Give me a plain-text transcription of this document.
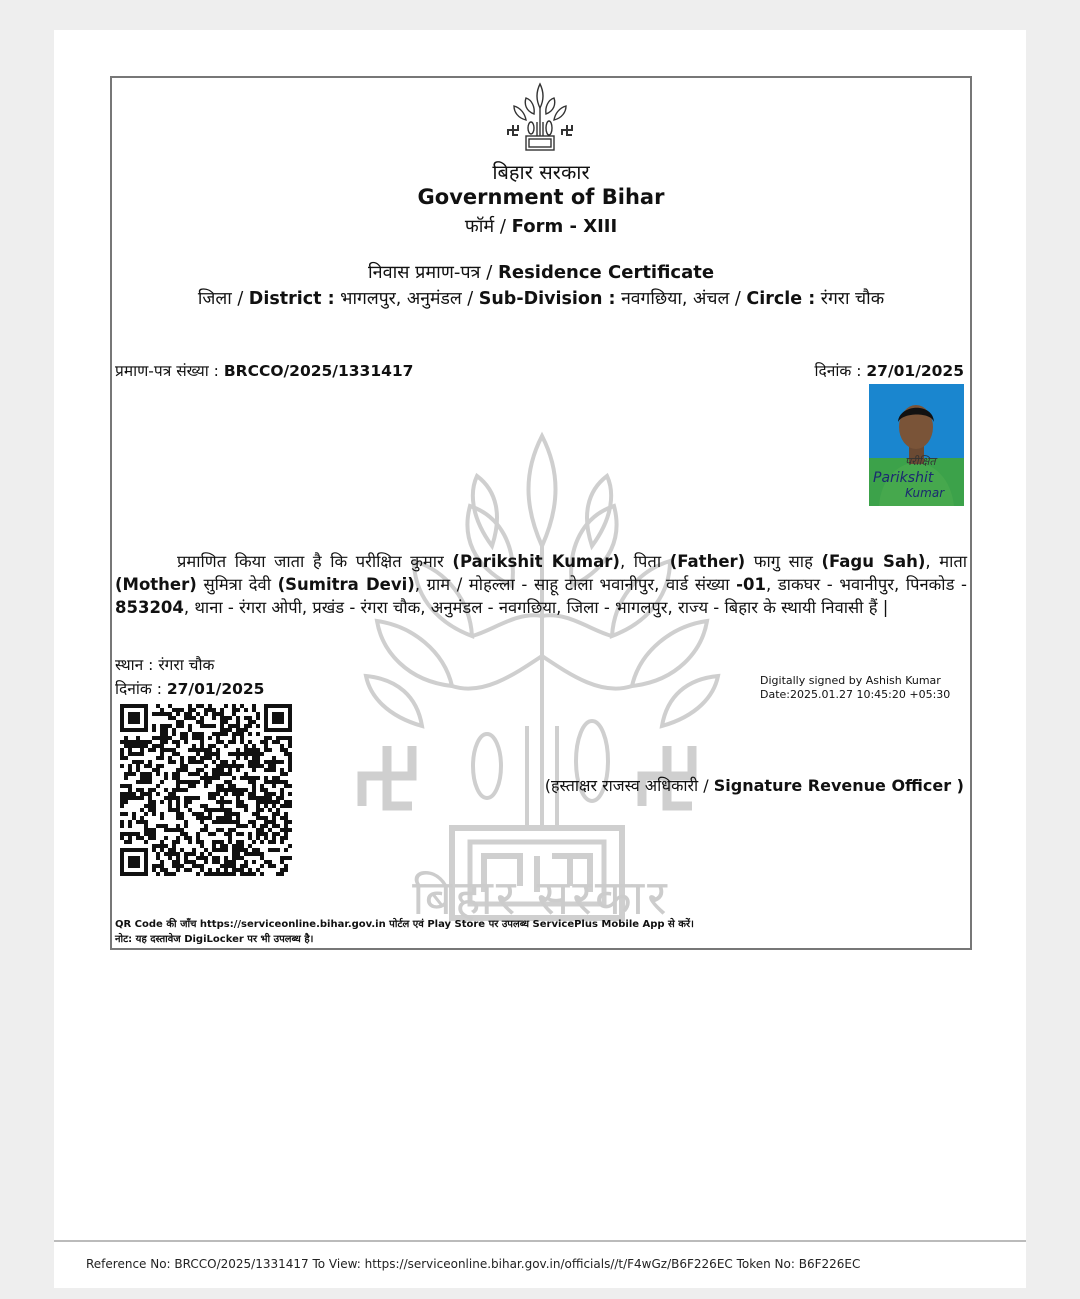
बिहार सरकार
बिहार सरकार
Government of Bihar
फॉर्म / Form - XIII
निवास प्रमाण-पत्र / Residence Certificate
जिला / District : भागलपुर, अनुमंडल / Sub-Division : नवगछिया, अंचल / Circle : रंगरा चौक
प्रमाण-पत्र संख्या : BRCCO/2025/1331417	दिनांक : 27/01/2025
परीक्षित
Parikshit
Kumar
प्रमाणित किया जाता है कि परीक्षित कुमार (Parikshit Kumar), पिता (Father) फागु साह (Fagu Sah), माता (Mother) सुमित्रा देवी (Sumitra Devi), ग्राम / मोहल्ला - साहू टोला भवानीपुर, वार्ड संख्या -01, डाकघर - भवानीपुर, पिनकोड - 853204, थाना - रंगरा ओपी, प्रखंड - रंगरा चौक, अनुमंडल - नवगछिया, जिला - भागलपुर, राज्य - बिहार के स्थायी निवासी हैं |
स्थान : रंगरा चौक
दिनांक : 27/01/2025	Digitally signed by Ashish Kumar
Date:2025.01.27 10:45:20 +05:30
(हस्ताक्षर राजस्व अधिकारी / Signature Revenue Officer )
QR Code की जाँच https://serviceonline.bihar.gov.in पोर्टल एवं Play Store पर उपलब्ध ServicePlus Mobile App से करें।
नोट: यह दस्तावेज DigiLocker पर भी उपलब्ध है।
Reference No: BRCCO/2025/1331417 To View: https://serviceonline.bihar.gov.in/officials//t/F4wGz/B6F226EC Token No: B6F226EC
